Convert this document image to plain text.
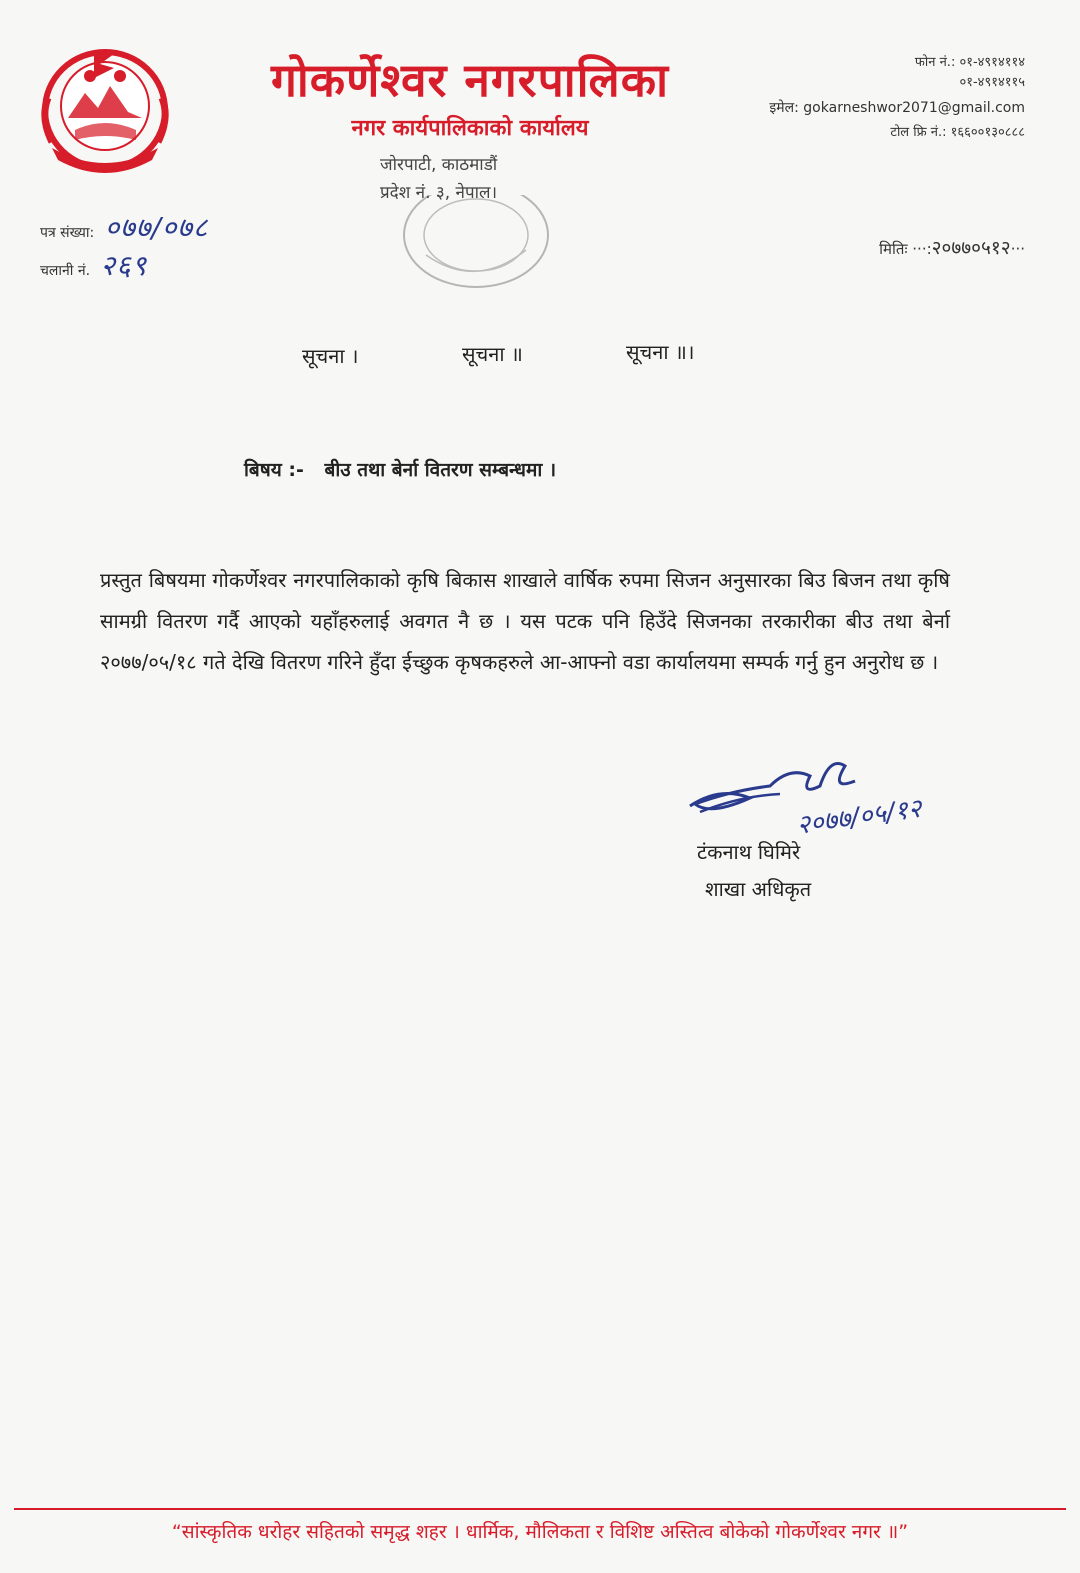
गोकर्णेश्वर नगरपालिका
नगर कार्यपालिकाको कार्यालय
जोरपाटी, काठमाडौं
प्रदेश नं. ३, नेपाल।
फोन नं.: ०१-४९१४११४
०१-४९१४११५
इमेल: gokarneshwor2071@gmail.com
टोल फ्रि नं.: १६६००१३०८८८
पत्र संख्या: ०७७/०७८
चलानी नं. २६९	मितिः ···:२०७७०५१२···
सूचना ।	सूचना ॥	सूचना ॥।
बिषय :- बीउ तथा बेर्ना वितरण सम्बन्धमा ।
प्रस्तुत बिषयमा गोकर्णेश्वर नगरपालिकाको कृषि बिकास शाखाले वार्षिक रुपमा सिजन अनुसारका बिउ बिजन तथा कृषि सामग्री वितरण गर्दै आएको यहाँहरुलाई अवगत नै छ । यस पटक पनि हिउँदे सिजनका तरकारीका बीउ तथा बेर्ना २०७७/०५/१८ गते देखि वितरण गरिने हुँदा ईच्छुक कृषकहरुले आ-आफ्नो वडा कार्यालयमा सम्पर्क गर्नु हुन अनुरोध छ ।
२०७७/०५/१२
टंकनाथ घिमिरे
शाखा अधिकृत
“सांस्कृतिक धरोहर सहितको समृद्ध शहर । धार्मिक, मौलिकता र विशिष्ट अस्तित्व बोकेको गोकर्णेश्वर नगर ॥”
